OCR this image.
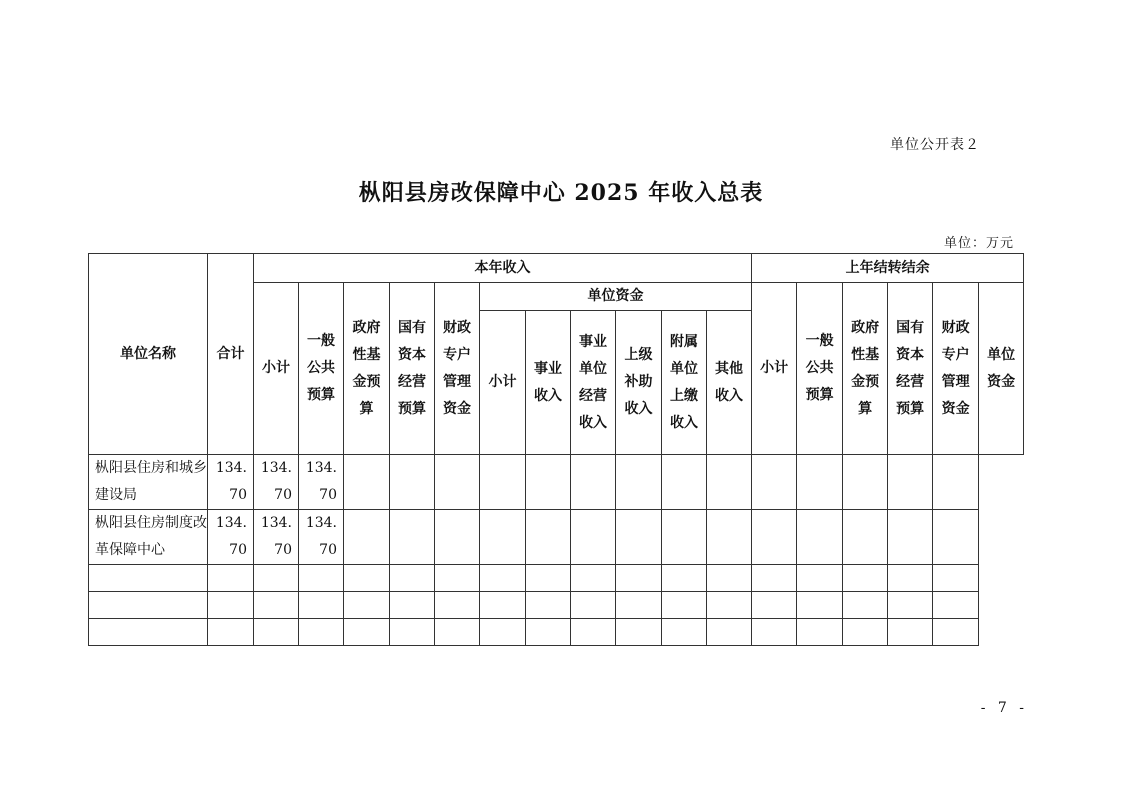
单位公开表２
枞阳县房改保障中心 2025 年收入总表
单位：万元
单位名称	合计	本年收入											上年结转结余					
		小计	一般公共预算	政府性基金预算	国有资本经营预算	财政专户管理资金	单位资金						小计	一般公共预算	政府性基金预算	国有资本经营预算	财政专户管理资金	单位资金
							小计	事业收入	事业单位经营收入	上级补助收入	附属单位上缴收入	其他收入						
枞阳县住房和城乡建设局	134.70	134.70	134.70															
枞阳县住房制度改革保障中心	134.70	134.70	134.70															

- 7 -
